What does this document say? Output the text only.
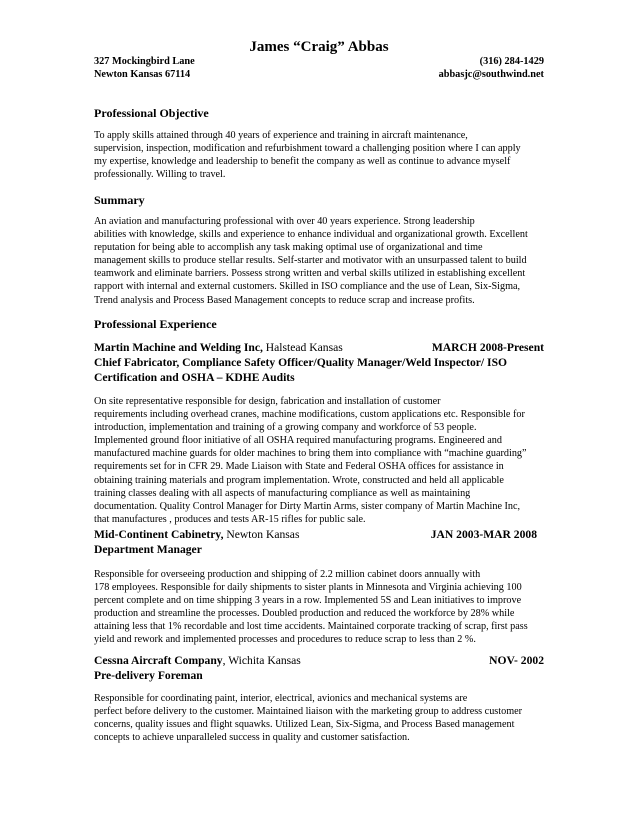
James “Craig” Abbas
327 Mockingbird Lane	(316) 284-1429
Newton Kansas 67114	abbasjc@southwind.net
Professional Objective

To apply skills attained through 40 years of experience and training in aircraft maintenance,
supervision, inspection, modification and refurbishment toward a challenging position where I can apply
my expertise, knowledge and leadership to benefit the company as well as continue to advance myself
professionally. Willing to travel.

Summary

An aviation and manufacturing professional with over 40 years experience. Strong leadership
abilities with knowledge, skills and experience to enhance individual and organizational growth. Excellent
reputation for being able to accomplish any task making optimal use of organizational and time
management skills to produce stellar results. Self-starter and motivator with an unsurpassed talent to build
teamwork and eliminate barriers. Possess strong written and verbal skills utilized in establishing excellent
rapport with internal and external customers. Skilled in ISO compliance and the use of Lean, Six-Sigma,
Trend analysis and Process Based Management concepts to reduce scrap and increase profits.

Professional Experience
Martin Machine and Welding Inc, Halstead Kansas	MARCH 2008-Present
Chief Fabricator, Compliance Safety Officer/Quality Manager/Weld Inspector/ ISO
Certification and OSHA – KDHE Audits

On site representative responsible for design, fabrication and installation of customer
requirements including overhead cranes, machine modifications, custom applications etc. Responsible for
introduction, implementation and training of a growing company and workforce of 53 people.
Implemented ground floor initiative of all OSHA required manufacturing programs. Engineered and
manufactured machine guards for older machines to bring them into compliance with “machine guarding”
requirements set for in CFR 29. Made Liaison with State and Federal OSHA offices for assistance in
obtaining training materials and program implementation. Wrote, constructed and held all applicable
training classes dealing with all aspects of manufacturing compliance as well as maintaining
documentation. Quality Control Manager for Dirty Martin Arms, sister company of Martin Machine Inc,
that manufactures , produces and tests AR-15 rifles for public sale.

Mid-Continent Cabinetry, Newton Kansas	JAN 2003-MAR 2008
Department Manager

Responsible for overseeing production and shipping of 2.2 million cabinet doors annually with
178 employees. Responsible for daily shipments to sister plants in Minnesota and Virginia achieving 100
percent complete and on time shipping 3 years in a row. Implemented 5S and Lean initiatives to improve
production and streamline the processes. Doubled production and reduced the workforce by 28% while
attaining less that 1% recordable and lost time accidents. Maintained corporate tracking of scrap, first pass
yield and rework and implemented processes and procedures to reduce scrap to less than 2 %.

Cessna Aircraft Company, Wichita Kansas	NOV- 2002
Pre-delivery Foreman

Responsible for coordinating paint, interior, electrical, avionics and mechanical systems are
perfect before delivery to the customer. Maintained liaison with the marketing group to address customer
concerns, quality issues and flight squawks. Utilized Lean, Six-Sigma, and Process Based management
concepts to achieve unparalleled success in quality and customer satisfaction.
